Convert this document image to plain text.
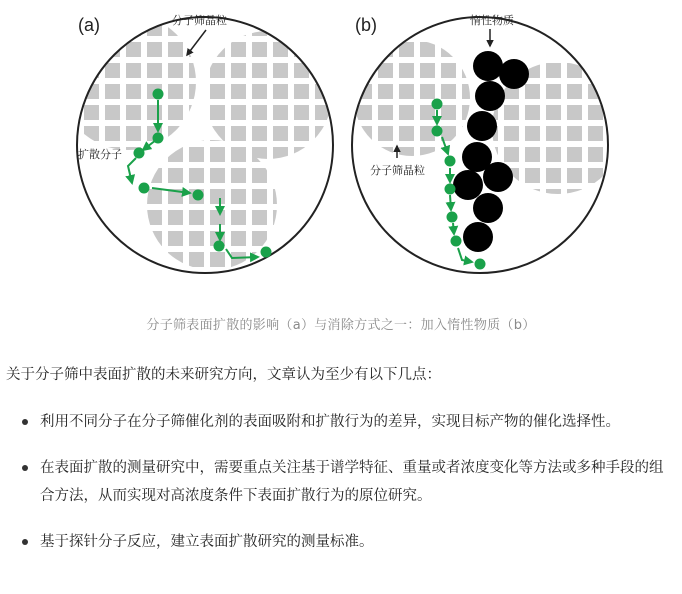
(a)	分子筛晶粒
扩散分子
(b)	惰性物质
分子筛晶粒
分子筛表面扩散的影响（a）与消除方式之一：加入惰性物质（b）
关于分子筛中表面扩散的未来研究方向，文章认为至少有以下几点：
利用不同分子在分子筛催化剂的表面吸附和扩散行为的差异，实现目标产物的催化选择性。
在表面扩散的测量研究中，需要重点关注基于谱学特征、重量或者浓度变化等方法或多种手段的组合方法，从而实现对高浓度条件下表面扩散行为的原位研究。
基于探针分子反应，建立表面扩散研究的测量标准。
